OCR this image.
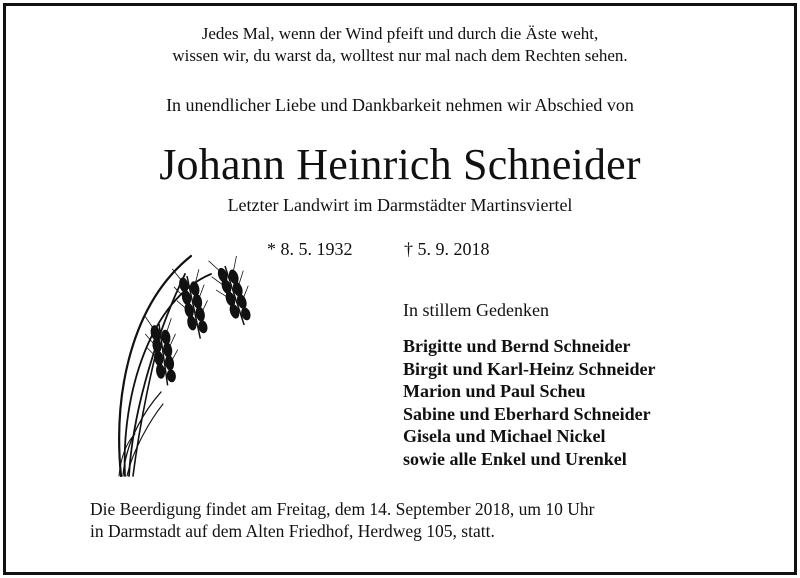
Jedes Mal, wenn der Wind pfeift und durch die Äste weht,
wissen wir, du warst da, wolltest nur mal nach dem Rechten sehen.
In unendlicher Liebe und Dankbarkeit nehmen wir Abschied von
Johann Heinrich Schneider
Letzter Landwirt im Darmstädter Martinsviertel
* 8. 5. 1932	† 5. 9. 2018
In stillem Gedenken
Brigitte und Bernd Schneider
Birgit und Karl-Heinz Schneider
Marion und Paul Scheu
Sabine und Eberhard Schneider
Gisela und Michael Nickel
sowie alle Enkel und Urenkel
Die Beerdigung findet am Freitag, dem 14. September 2018, um 10 Uhr
in Darmstadt auf dem Alten Friedhof, Herdweg 105, statt.
